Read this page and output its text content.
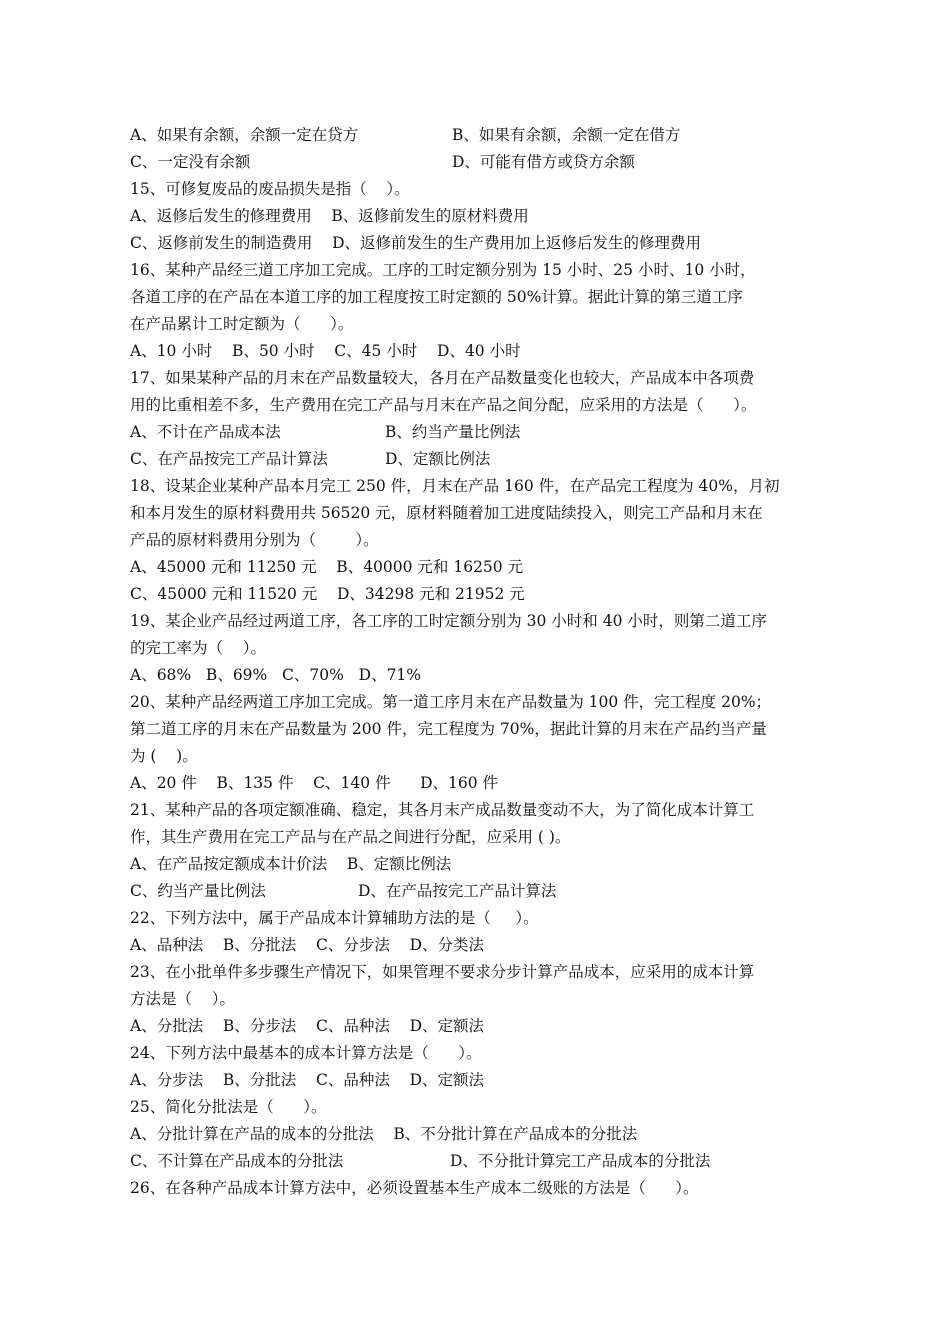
A、如果有余额，余额一定在贷方	B、如果有余额，余额一定在借方
C、一定没有余额	D、可能有借方或贷方余额
15、可修复废品的废品损失是指（    ）。
A、返修后发生的修理费用    B、返修前发生的原材料费用
C、返修前发生的制造费用    D、返修前发生的生产费用加上返修后发生的修理费用
16、某种产品经三道工序加工完成。工序的工时定额分别为 15 小时、25 小时、10 小时，
各道工序的在产品在本道工序的加工程度按工时定额的 50%计算。据此计算的第三道工序
在产品累计工时定额为（      ）。
A、10 小时    B、50 小时    C、45 小时    D、40 小时
17、如果某种产品的月末在产品数量较大，各月在产品数量变化也较大，产品成本中各项费
用的比重相差不多，生产费用在完工产品与月末在产品之间分配，应采用的方法是（      ）。
A、不计在产品成本法	B、约当产量比例法
C、在产品按完工产品计算法	D、定额比例法
18、设某企业某种产品本月完工 250 件，月末在产品 160 件，在产品完工程度为 40%，月初
和本月发生的原材料费用共 56520 元，原材料随着加工进度陆续投入，则完工产品和月末在
产品的原材料费用分别为（        ）。
A、45000 元和 11250 元    B、40000 元和 16250 元
C、45000 元和 11520 元    D、34298 元和 21952 元
19、某企业产品经过两道工序，各工序的工时定额分别为 30 小时和 40 小时，则第二道工序
的完工率为（    ）。
A、68%   B、69%   C、70%   D、71%
20、某种产品经两道工序加工完成。第一道工序月末在产品数量为 100 件，完工程度 20%；
第二道工序的月末在产品数量为 200 件，完工程度为 70%，据此计算的月末在产品约当产量
为 (    )。
A、20 件    B、135 件    C、140 件      D、160 件
21、某种产品的各项定额准确、稳定，其各月末产成品数量变动不大，为了简化成本计算工
作，其生产费用在完工产品与在产品之间进行分配，应采用 ( )。
A、在产品按定额成本计价法    B、定额比例法
C、约当产量比例法	D、在产品按完工产品计算法
22、下列方法中，属于产品成本计算辅助方法的是（     ）。
A、品种法    B、分批法    C、分步法    D、分类法
23、在小批单件多步骤生产情况下，如果管理不要求分步计算产品成本，应采用的成本计算
方法是（    ）。
A、分批法    B、分步法    C、品种法    D、定额法
24、下列方法中最基本的成本计算方法是（      ）。
A、分步法    B、分批法    C、品种法    D、定额法
25、简化分批法是（      ）。
A、分批计算在产品的成本的分批法    B、不分批计算在产品成本的分批法
C、不计算在产品成本的分批法	D、不分批计算完工产品成本的分批法
26、在各种产品成本计算方法中，必须设置基本生产成本二级账的方法是（      ）。
